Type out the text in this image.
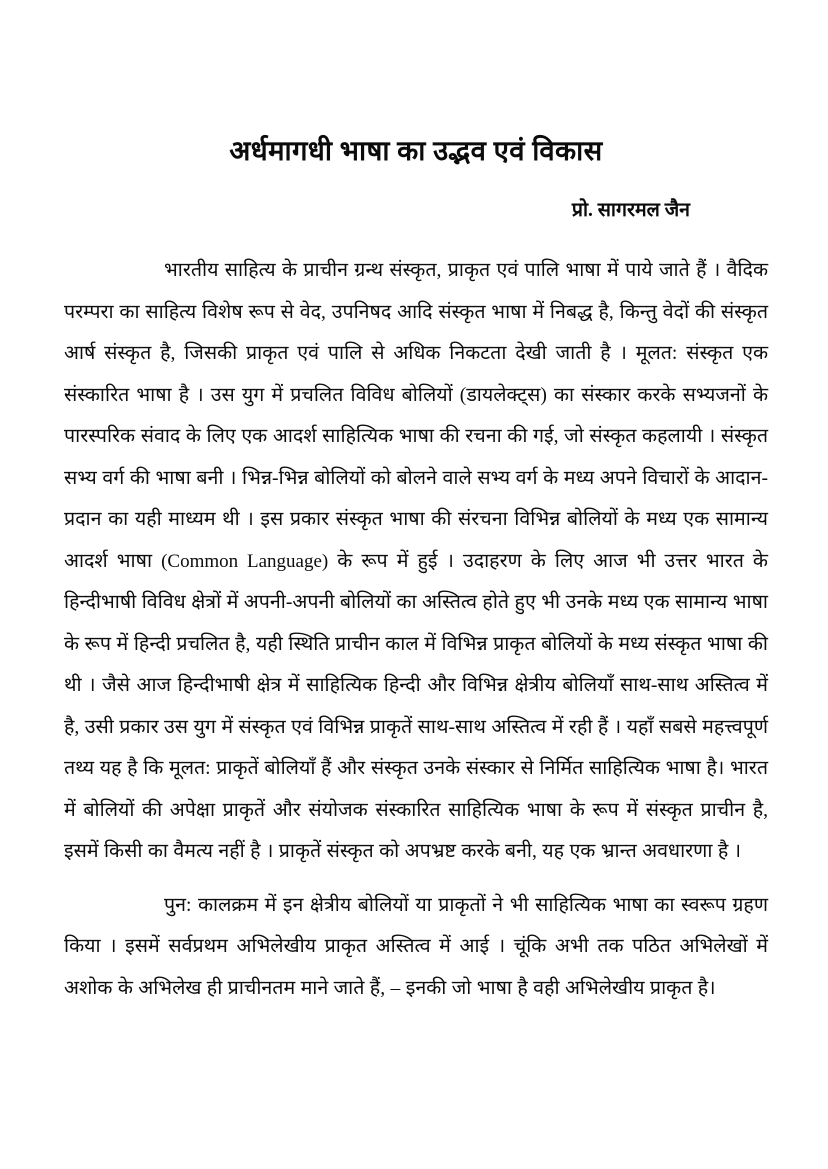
अर्धमागधी भाषा का उद्भव एवं विकास
प्रो. सागरमल जैन

भारतीय साहित्य के प्राचीन ग्रन्थ संस्कृत, प्राकृत एवं पालि भाषा में पाये जाते हैं । वैदिक परम्परा का साहित्य विशेष रूप से वेद, उपनिषद आदि संस्कृत भाषा में निबद्ध है, किन्तु वेदों की संस्कृत आर्ष संस्कृत है, जिसकी प्राकृत एवं पालि से अधिक निकटता देखी जाती है । मूलत: संस्कृत एक संस्कारित भाषा है । उस युग में प्रचलित विविध बोलियों (डायलेक्ट्स) का संस्कार करके सभ्यजनों के पारस्परिक संवाद के लिए एक आदर्श साहित्यिक भाषा की रचना की गई, जो संस्कृत कहलायी । संस्कृत सभ्य वर्ग की भाषा बनी । भिन्न-भिन्न बोलियों को बोलने वाले सभ्य वर्ग के मध्य अपने विचारों के आदान-प्रदान का यही माध्यम थी । इस प्रकार संस्कृत भाषा की संरचना विभिन्न बोलियों के मध्य एक सामान्य आदर्श भाषा (Common Language) के रूप में हुई । उदाहरण के लिए आज भी उत्तर भारत के हिन्दीभाषी विविध क्षेत्रों में अपनी-अपनी बोलियों का अस्तित्व होते हुए भी उनके मध्य एक सामान्य भाषा के रूप में हिन्दी प्रचलित है, यही स्थिति प्राचीन काल में विभिन्न प्राकृत बोलियों के मध्य संस्कृत भाषा की थी । जैसे आज हिन्दीभाषी क्षेत्र में साहित्यिक हिन्दी और विभिन्न क्षेत्रीय बोलियाँ साथ-साथ अस्तित्व में है, उसी प्रकार उस युग में संस्कृत एवं विभिन्न प्राकृतें साथ-साथ अस्तित्व में रही हैं । यहाँ सबसे महत्त्वपूर्ण तथ्य यह है कि मूलत: प्राकृतें बोलियाँ हैं और संस्कृत उनके संस्कार से निर्मित साहित्यिक भाषा है। भारत में बोलियों की अपेक्षा प्राकृतें और संयोजक संस्कारित साहित्यिक भाषा के रूप में संस्कृत प्राचीन है, इसमें किसी का वैमत्य नहीं है । प्राकृतें संस्कृत को अपभ्रष्ट करके बनी, यह एक भ्रान्त अवधारणा है ।

पुन: कालक्रम में इन क्षेत्रीय बोलियों या प्राकृतों ने भी साहित्यिक भाषा का स्वरूप ग्रहण किया । इसमें सर्वप्रथम अभिलेखीय प्राकृत अस्तित्व में आई । चूंकि अभी तक पठित अभिलेखों में अशोक के अभिलेख ही प्राचीनतम माने जाते हैं, – इनकी जो भाषा है वही अभिलेखीय प्राकृत है।
